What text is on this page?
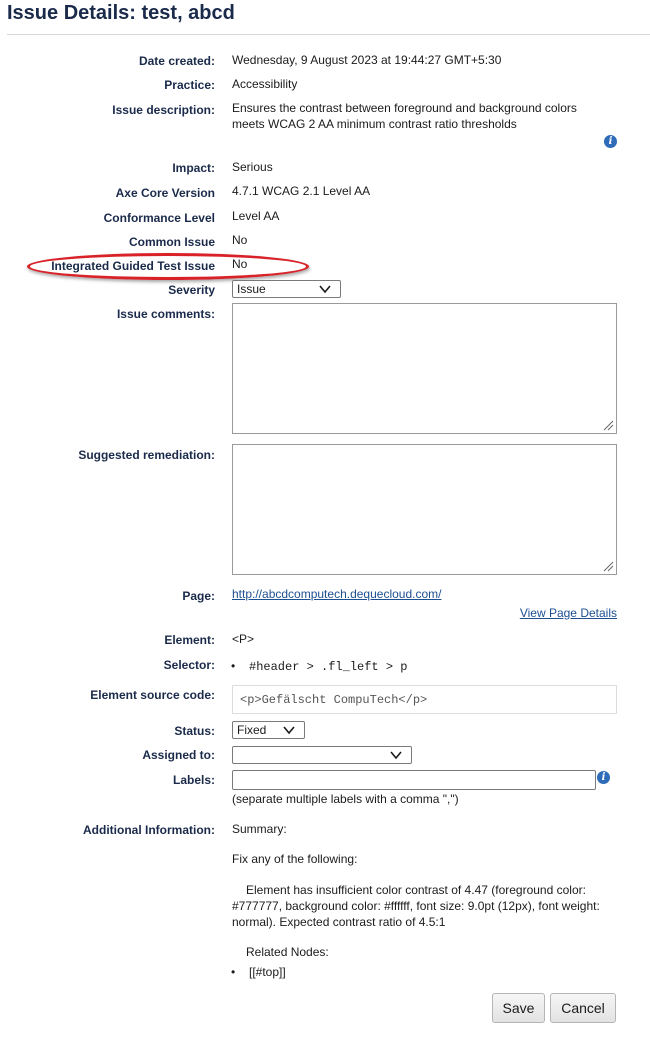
Issue Details: test, abcd
Date created: Wednesday, 9 August 2023 at 19:44:27 GMT+5:30
Practice: Accessibility
Issue description: Ensures the contrast between foreground and background colors meets WCAG 2 AA minimum contrast ratio thresholds
i
Impact: Serious
Axe Core Version 4.7.1 WCAG 2.1 Level AA
Conformance Level Level AA
Common Issue No
Integrated Guided Test Issue No
Severity	Issue
Issue comments:
Suggested remediation:
Page: http://abcdcomputech.dequecloud.com/
View Page Details
Element: <P>
Selector: • #header > .fl_left > p
Element source code:	<p>Gefälscht CompuTech</p>
Status:	Fixed
Assigned to:
Labels:	i
(separate multiple labels with a comma ",")
Additional Information: Summary:
Fix any of the following:
Element has insufficient color contrast of 4.47 (foreground color: #777777, background color: #ffffff, font size: 9.0pt (12px), font weight: normal). Expected contrast ratio of 4.5:1
Related Nodes:
• [[#top]]
Save	Cancel
